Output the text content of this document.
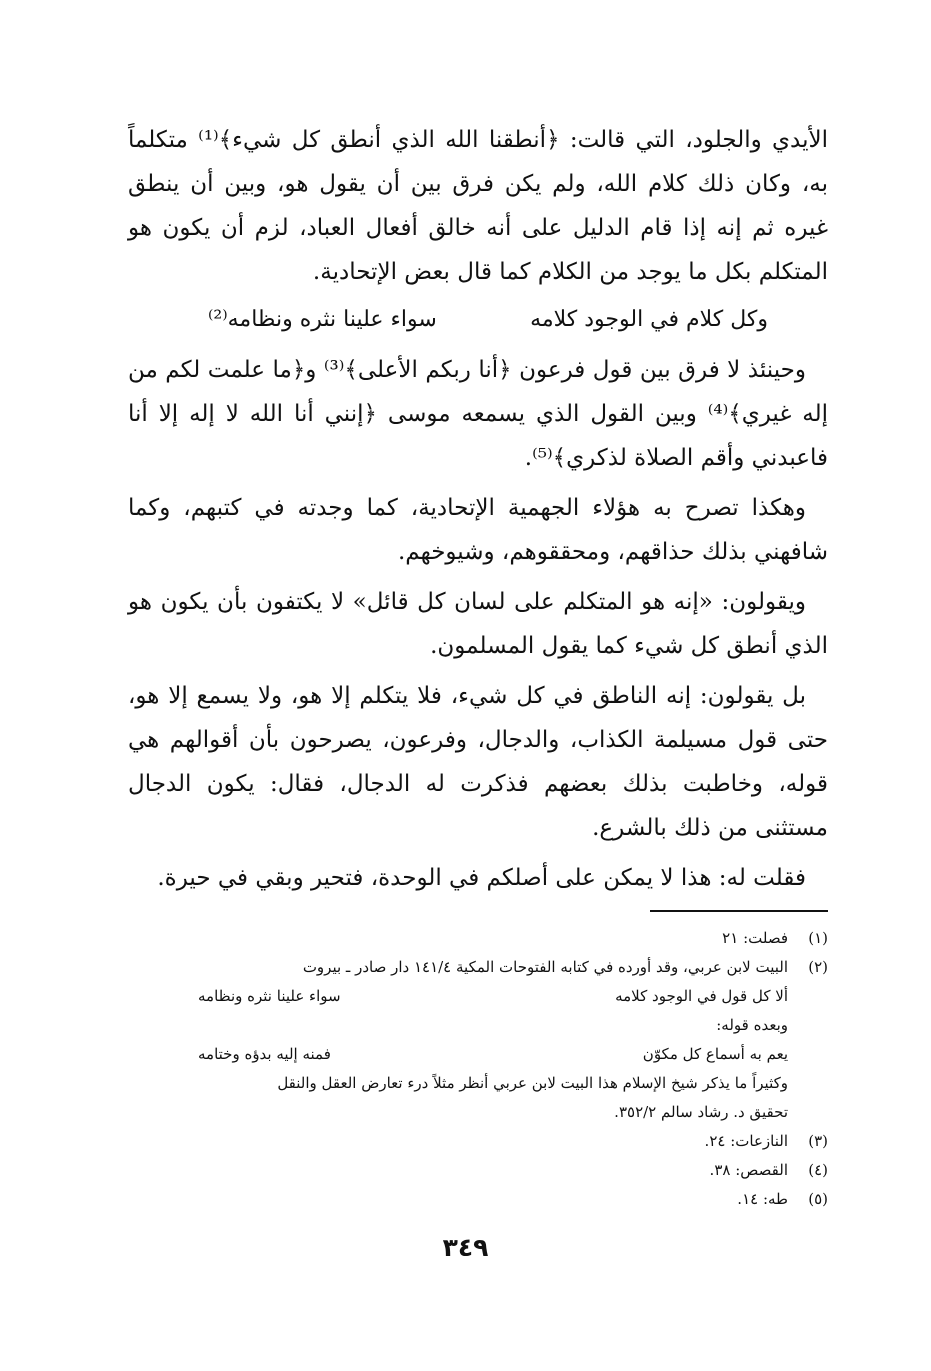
الأيدي والجلود، التي قالت: ﴿أنطقنا الله الذي أنطق كل شيء﴾⁽¹⁾ متكلماً به، وكان ذلك كلام الله، ولم يكن فرق بين أن يقول هو، وبين أن ينطق غيره ثم إنه إذا قام الدليل على أنه خالق أفعال العباد، لزم أن يكون هو المتكلم بكل ما يوجد من الكلام كما قال بعض الإتحادية.

وكل كلام في الوجود كلامه
سواء علينا نثره ونظامه⁽²⁾

وحينئذ لا فرق بين قول فرعون ﴿أنا ربكم الأعلى﴾⁽³⁾ و﴿ما علمت لكم من إله غيري﴾⁽⁴⁾ وبين القول الذي يسمعه موسى ﴿إنني أنا الله لا إله إلا أنا فاعبدني وأقم الصلاة لذكري﴾⁽⁵⁾.

وهكذا تصرح به هؤلاء الجهمية الإتحادية، كما وجدته في كتبهم، وكما شافهني بذلك حذاقهم، ومحققوهم، وشيوخهم.

ويقولون: «إنه هو المتكلم على لسان كل قائل» لا يكتفون بأن يكون هو الذي أنطق كل شيء كما يقول المسلمون.

بل يقولون: إنه الناطق في كل شيء، فلا يتكلم إلا هو، ولا يسمع إلا هو، حتى قول مسيلمة الكذاب، والدجال، وفرعون، يصرحون بأن أقوالهم هي قوله، وخاطبت بذلك بعضهم فذكرت له الدجال، فقال: يكون الدجال مستثنى من ذلك بالشرع.

فقلت له: هذا لا يمكن على أصلكم في الوحدة، فتحير وبقي في حيرة.

(١)
فصلت: ٢١
(٢)
البيت لابن عربي، وقد أورده في كتابه الفتوحات المكية ١٤١/٤ دار صادر ـ بيروت
ألا كل قول في الوجود كلامه
سواء علينا نثره ونظامه
وبعده قوله:
يعم به أسماع كل مكوّن
فمنه إليه بدؤه وختامه
وكثيراً ما يذكر شيخ الإسلام هذا البيت لابن عربي أنظر مثلاً درء تعارض العقل والنقل
تحقيق د. رشاد سالم ٣٥٢/٢.
(٣)
النازعات: ٢٤.
(٤)
القصص: ٣٨.
(٥)
طه: ١٤.
٣٤٩
